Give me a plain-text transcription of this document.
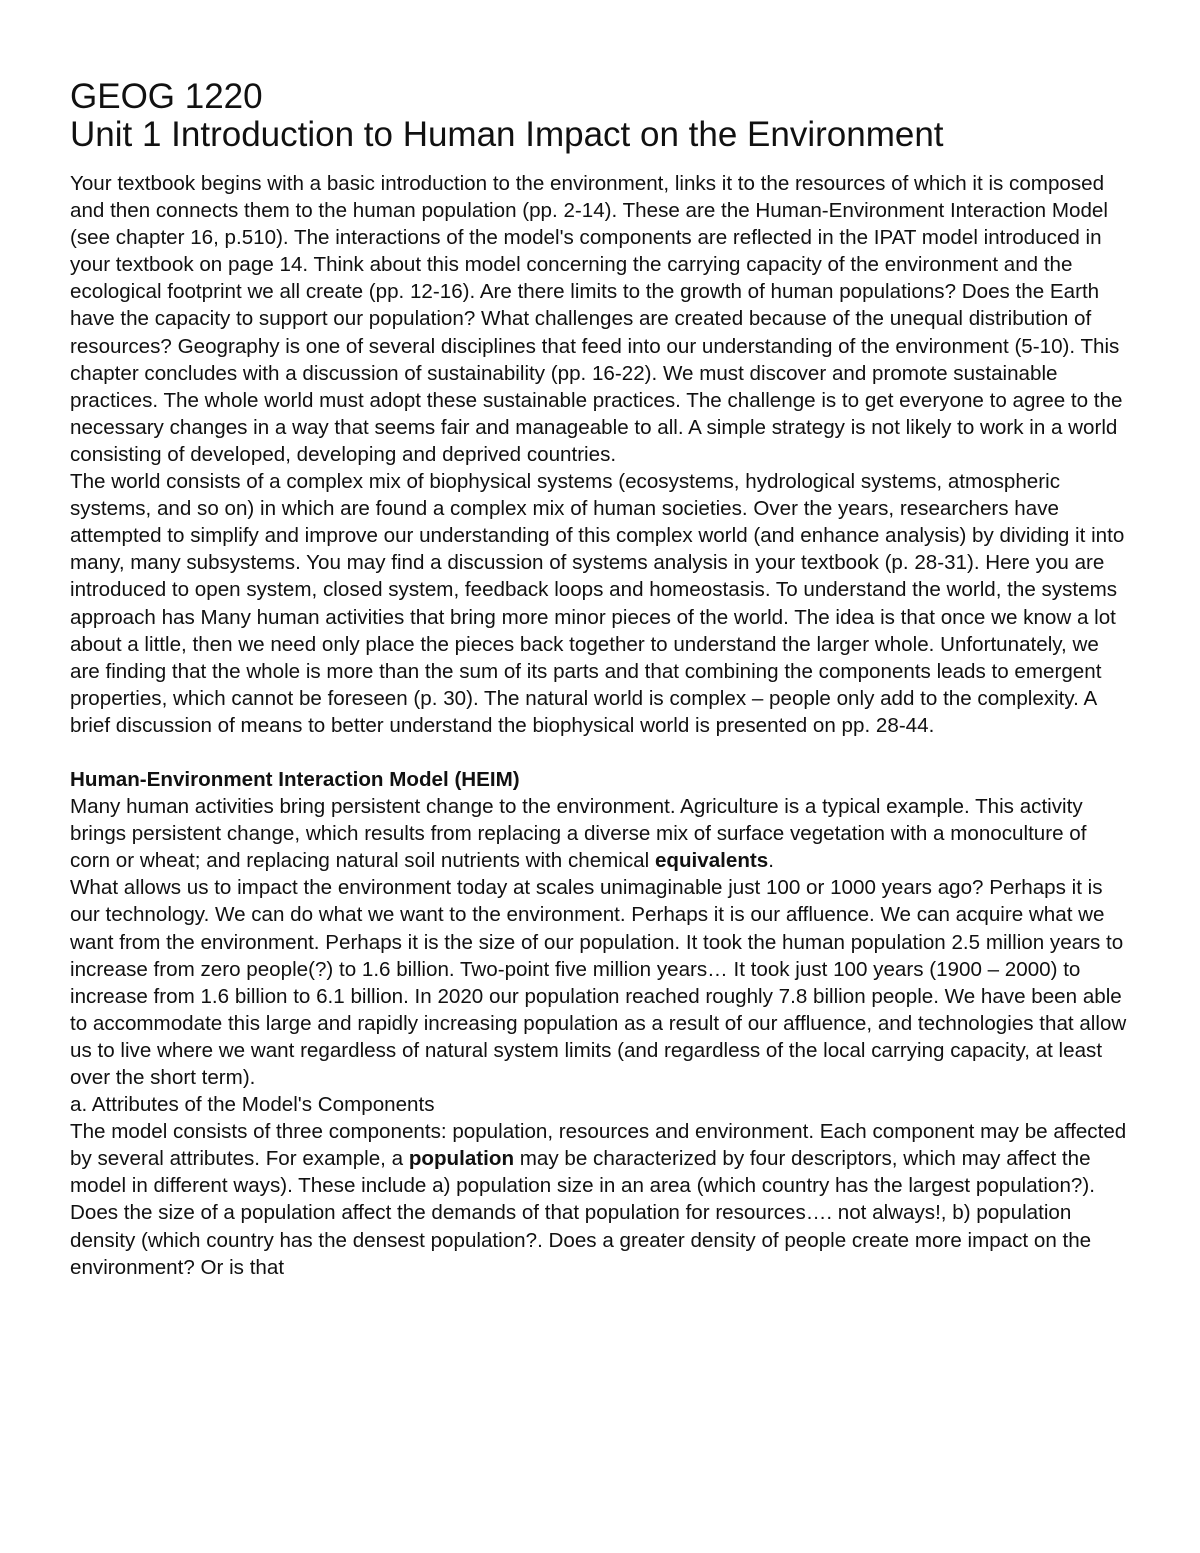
GEOG 1220
Unit 1 Introduction to Human Impact on the Environment

Your textbook begins with a basic introduction to the environment, links it to the resources of which it is composed and then connects them to the human population (pp. 2-14). These are the Human-Environment Interaction Model (see chapter 16, p.510). The interactions of the model's components are reflected in the IPAT model introduced in your textbook on page 14. Think about this model concerning the carrying capacity of the environment and the ecological footprint we all create (pp. 12-16). Are there limits to the growth of human populations? Does the Earth have the capacity to support our population? What challenges are created because of the unequal distribution of resources? Geography is one of several disciplines that feed into our understanding of the environment (5-10). This chapter concludes with a discussion of sustainability (pp. 16-22). We must discover and promote sustainable practices. The whole world must adopt these sustainable practices. The challenge is to get everyone to agree to the necessary changes in a way that seems fair and manageable to all. A simple strategy is not likely to work in a world consisting of developed, developing and deprived countries.

The world consists of a complex mix of biophysical systems (ecosystems, hydrological systems, atmospheric systems, and so on) in which are found a complex mix of human societies. Over the years, researchers have attempted to simplify and improve our understanding of this complex world (and enhance analysis) by dividing it into many, many subsystems. You may find a discussion of systems analysis in your textbook (p. 28-31). Here you are introduced to open system, closed system, feedback loops and homeostasis. To understand the world, the systems approach has Many human activities that bring more minor pieces of the world. The idea is that once we know a lot about a little, then we need only place the pieces back together to understand the larger whole. Unfortunately, we are finding that the whole is more than the sum of its parts and that combining the components leads to emergent properties, which cannot be foreseen (p. 30). The natural world is complex – people only add to the complexity. A brief discussion of means to better understand the biophysical world is presented on pp. 28-44.

Human-Environment Interaction Model (HEIM)

Many human activities bring persistent change to the environment. Agriculture is a typical example. This activity brings persistent change, which results from replacing a diverse mix of surface vegetation with a monoculture of corn or wheat; and replacing natural soil nutrients with chemical equivalents.

What allows us to impact the environment today at scales unimaginable just 100 or 1000 years ago? Perhaps it is our technology. We can do what we want to the environment. Perhaps it is our affluence. We can acquire what we want from the environment. Perhaps it is the size of our population. It took the human population 2.5 million years to increase from zero people(?) to 1.6 billion. Two-point five million years… It took just 100 years (1900 – 2000) to increase from 1.6 billion to 6.1 billion. In 2020 our population reached roughly 7.8 billion people. We have been able to accommodate this large and rapidly increasing population as a result of our affluence, and technologies that allow us to live where we want regardless of natural system limits (and regardless of the local carrying capacity, at least over the short term).

a. Attributes of the Model's Components

The model consists of three components: population, resources and environment. Each component may be affected by several attributes. For example, a population may be characterized by four descriptors, which may affect the model in different ways). These include a) population size in an area (which country has the largest population?). Does the size of a population affect the demands of that population for resources…. not always!, b) population density (which country has the densest population?. Does a greater density of people create more impact on the environment? Or is that
